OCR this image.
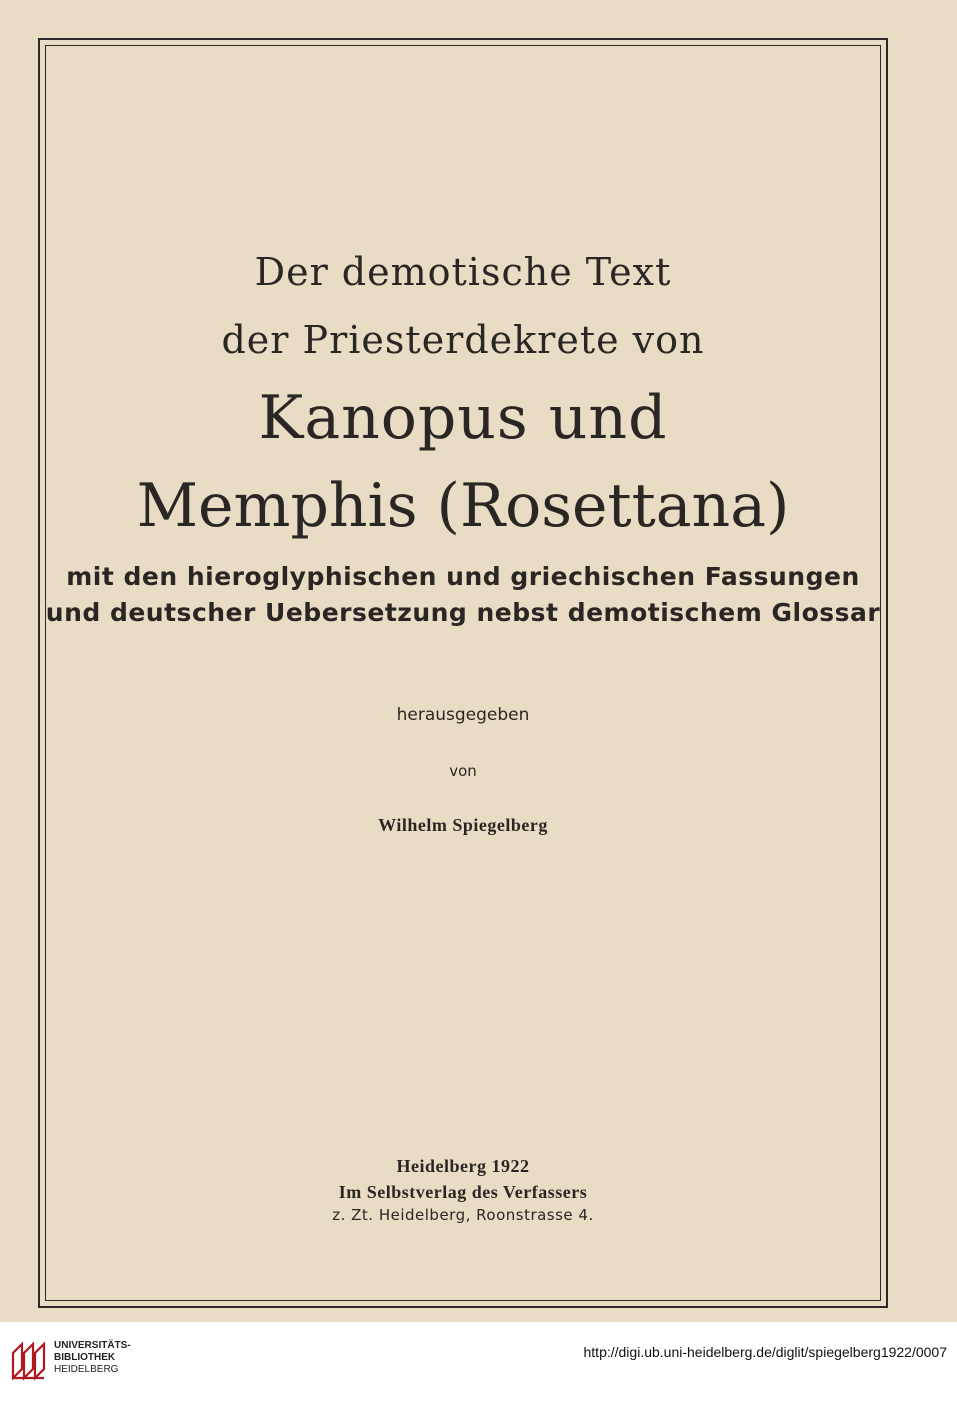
Der demotische Text
der Priesterdekrete von
Kanopus und
Memphis (Rosettana)
mit den hieroglyphischen und griechischen Fassungen
und deutscher Uebersetzung nebst demotischem Glossar
herausgegeben
von
Wilhelm Spiegelberg
Heidelberg 1922
Im Selbstverlag des Verfassers
z. Zt. Heidelberg, Roonstrasse 4.
UNIVERSITÄTS-
BIBLIOTHEK
HEIDELBERG
http://digi.ub.uni-heidelberg.de/diglit/spiegelberg1922/0007
